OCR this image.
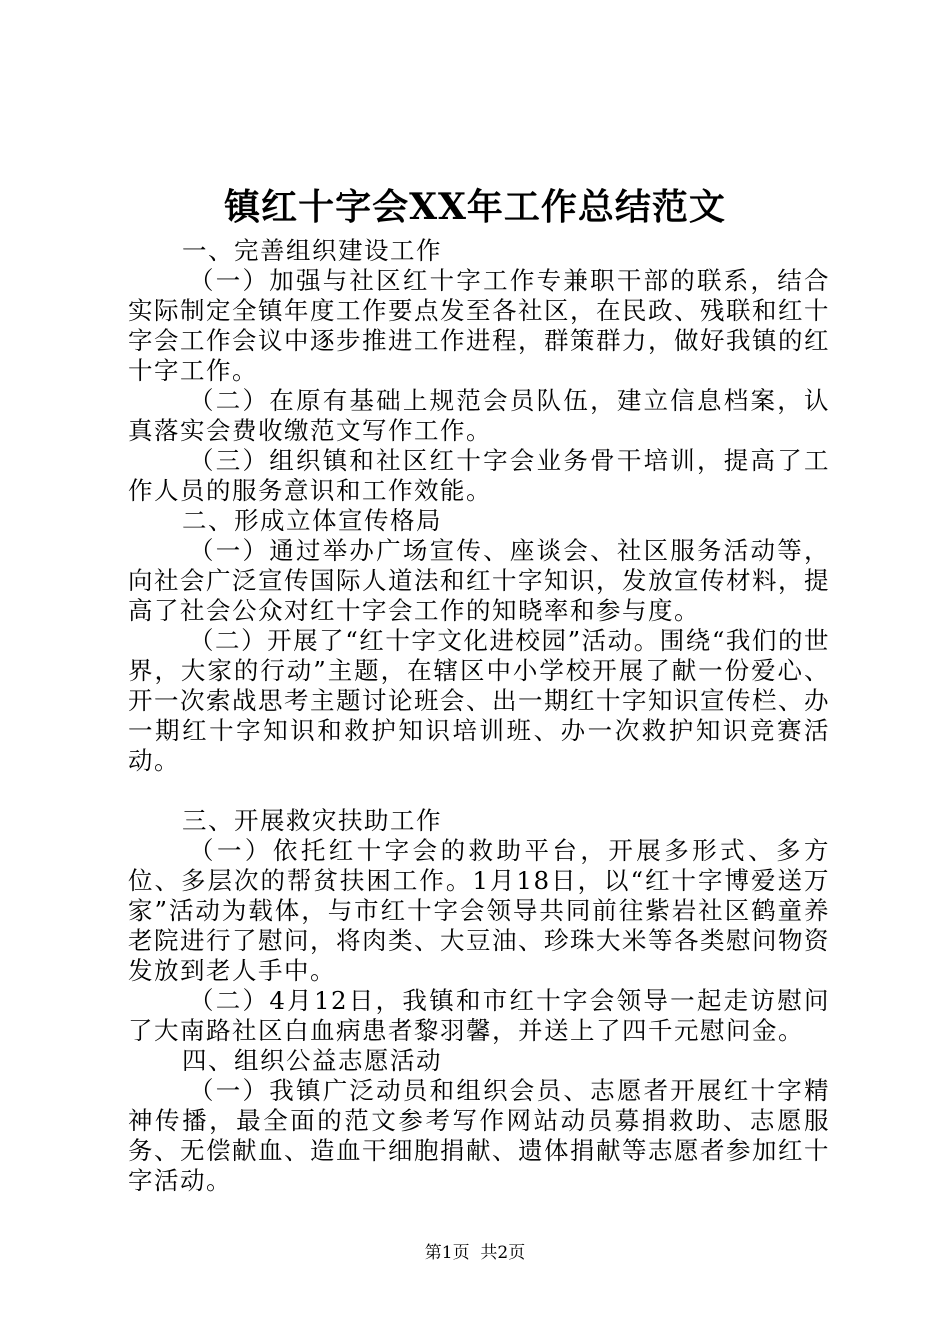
镇红十字会XX年工作总结范文
一、完善组织建设工作
（一）加强与社区红十字工作专兼职干部的联系，结合实际制定全镇年度工作要点发至各社区，在民政、残联和红十字会工作会议中逐步推进工作进程，群策群力，做好我镇的红十字工作。
（二）在原有基础上规范会员队伍，建立信息档案，认真落实会费收缴范文写作工作。
（三）组织镇和社区红十字会业务骨干培训，提高了工作人员的服务意识和工作效能。
二、形成立体宣传格局
（一）通过举办广场宣传、座谈会、社区服务活动等，向社会广泛宣传国际人道法和红十字知识，发放宣传材料，提高了社会公众对红十字会工作的知晓率和参与度。
（二）开展了“红十字文化进校园”活动。围绕“我们的世界，大家的行动”主题，在辖区中小学校开展了献一份爱心、开一次索战思考主题讨论班会、出一期红十字知识宣传栏、办一期红十字知识和救护知识培训班、办一次救护知识竞赛活动。
三、开展救灾扶助工作
（一）依托红十字会的救助平台，开展多形式、多方位、多层次的帮贫扶困工作。1月18日，以“红十字博爱送万家”活动为载体，与市红十字会领导共同前往紫岩社区鹤童养老院进行了慰问，将肉类、大豆油、珍珠大米等各类慰问物资发放到老人手中。
（二）4月12日，我镇和市红十字会领导一起走访慰问了大南路社区白血病患者黎羽馨，并送上了四千元慰问金。
四、组织公益志愿活动
（一）我镇广泛动员和组织会员、志愿者开展红十字精神传播，最全面的范文参考写作网站动员募捐救助、志愿服务、无偿献血、造血干细胞捐献、遗体捐献等志愿者参加红十字活动。
第1页  共2页
